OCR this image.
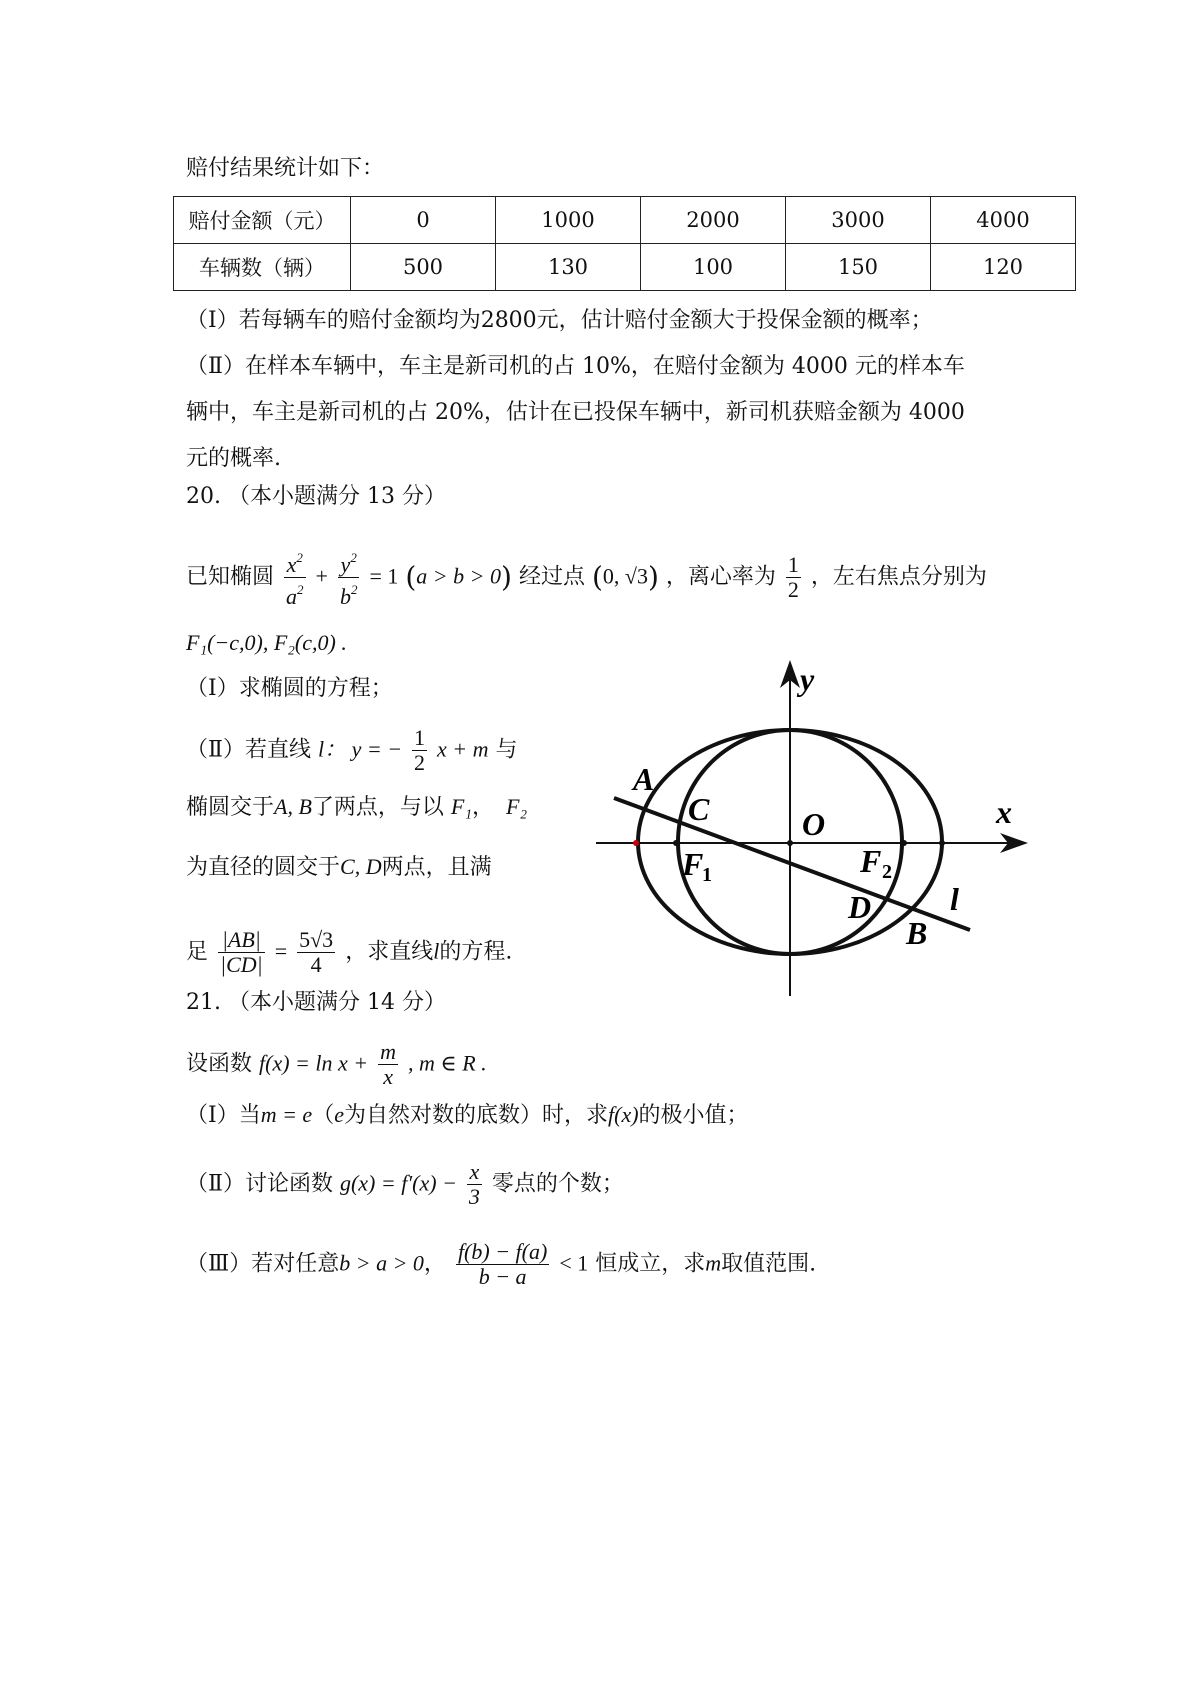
赔付结果统计如下：
赔付金额（元）	0	1000	2000	3000	4000
车辆数（辆）	500	130	100	150	120
（Ⅰ）若每辆车的赔付金额均为2800元，估计赔付金额大于投保金额的概率；
（Ⅱ）在样本车辆中，车主是新司机的占 10%，在赔付金额为 4000 元的样本车
辆中，车主是新司机的占 20%，估计在已投保车辆中，新司机获赔金额为 4000
元的概率.
20. （本小题满分 13 分）
已知椭圆 $\frac{x^2}{a^2} + \frac{y^2}{b^2} = 1$ (a > b > 0) 经过点 (0, √3) ，离心率为 $\frac{1}{2}$ ，左右焦点分别为
F₁(−c,0), F₂(c,0) .
（Ⅰ）求椭圆的方程；
（Ⅱ）若直线 l： y = − $\frac{1}{2}$ x + m 与
椭圆交于A, B了两点，与以 F₁， F₂
为直径的圆交于C, D两点，且满
足 $\frac{|AB|}{|CD|} = \frac{5√3}{4}$ ，求直线l的方程.
y
x
A
C	O
F
1	F 2
D l
B
21. （本小题满分 14 分）
设函数 $f(x) = \ln x + \frac{m}{x}$ , m ∈ R .
（Ⅰ）当m = e（e为自然对数的底数）时，求f(x)的极小值；
（Ⅱ）讨论函数 $g(x) = f'(x) - \frac{x}{3}$ 零点的个数；
（Ⅲ）若对任意b > a > 0， $\frac{f(b) - f(a)}{b - a} < 1$ 恒成立，求m取值范围.
